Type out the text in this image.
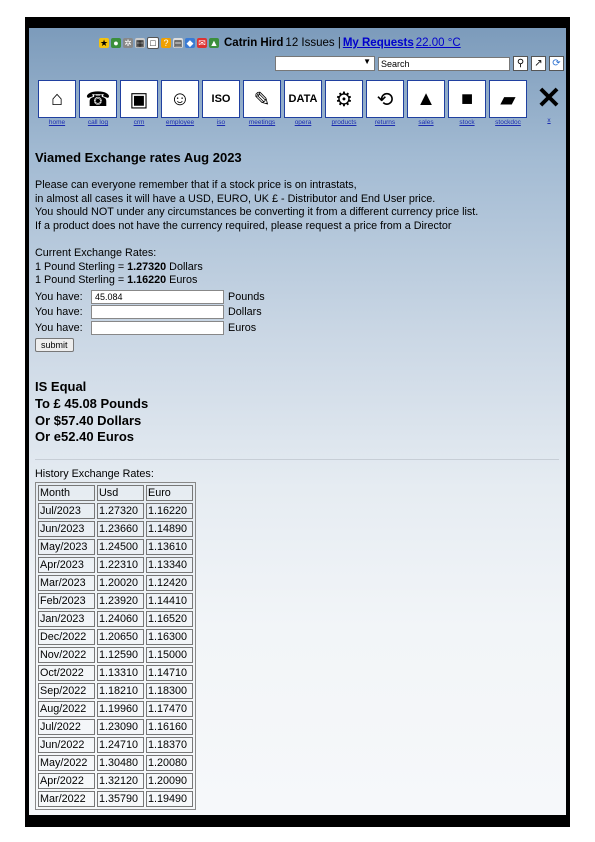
★ ● ✲ ▦ □ ? ▤ ◆ ✉ ▲ Catrin Hird 12 Issues | My Requests 22.00 °C
▼	Search	⚲	↗ ⟳
⌂
home
☎
call log
▣
crm
☺
employee
ISO
iso
✎
meetings
DATA
opera
⚙
products
⟲
returns
▲
sales
■
stock
▰
stockdoc
✕
x
Viamed Exchange rates Aug 2023
Please can everyone remember that if a stock price is on intrastats,
in almost all cases it will have a USD, EURO, UK £ - Distributor and End User price.
You should NOT under any circumstances be converting it from a different currency price list.
If a product does not have the currency required, please request a price from a Director
Current Exchange Rates:
1 Pound Sterling = 1.27320 Dollars
1 Pound Sterling = 1.16220 Euros
You have:	45.084	Pounds
You have:	Dollars
You have:	Euros
submit
IS Equal
To £ 45.08 Pounds
Or $57.40 Dollars
Or e52.40 Euros
History Exchange Rates:
Month	Usd	Euro
Jul/2023	1.27320	1.16220
Jun/2023	1.23660	1.14890
May/2023	1.24500	1.13610
Apr/2023	1.22310	1.13340
Mar/2023	1.20020	1.12420
Feb/2023	1.23920	1.14410
Jan/2023	1.24060	1.16520
Dec/2022	1.20650	1.16300
Nov/2022	1.12590	1.15000
Oct/2022	1.13310	1.14710
Sep/2022	1.18210	1.18300
Aug/2022	1.19960	1.17470
Jul/2022	1.23090	1.16160
Jun/2022	1.24710	1.18370
May/2022	1.30480	1.20080
Apr/2022	1.32120	1.20090
Mar/2022	1.35790	1.19490
